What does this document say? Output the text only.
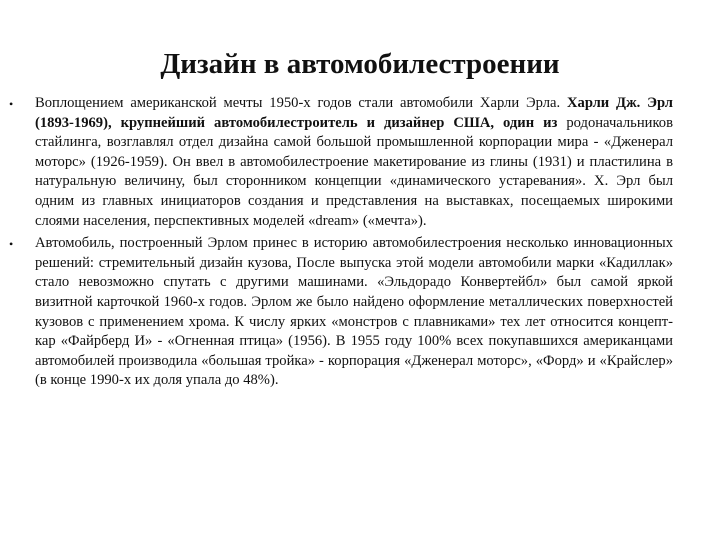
Дизайн в автомобилестроении
• Воплощением американской мечты 1950-х годов стали автомобили Харли Эрла. Харли Дж. Эрл (1893-1969), крупнейший автомобилестроитель и дизайнер США, один из родоначальников стайлинга, возглавлял отдел дизайна самой большой промышленной корпорации мира - «Дженерал моторс» (1926-1959). Он ввел в автомобилестроение макетирование из глины (1931) и пластилина в натуральную величину, был сторонником концепции «динамического устаревания». Х. Эрл был одним из главных инициаторов создания и представления на выставках, посещаемых широкими слоями населения, перспективных моделей «dream» («мечта»).
• Автомобиль, построенный Эрлом принес в историю автомобилестроения несколько инновационных решений: стремительный дизайн кузова, После выпуска этой модели автомобили марки «Кадиллак» стало невозможно спутать с другими машинами. «Эльдорадо Конвертейбл» был самой яркой визитной карточкой 1960-х годов. Эрлом же было найдено оформление металлических поверхностей кузовов с применением хрома. К числу ярких «монстров с плавниками» тех лет относится концепт-кар «Файрберд И» - «Огненная птица» (1956). В 1955 году 100% всех покупавшихся американцами автомобилей производила «большая тройка» - корпорация «Дженерал моторс», «Форд» и «Крайслер» (в конце 1990-х их доля упала до 48%).
